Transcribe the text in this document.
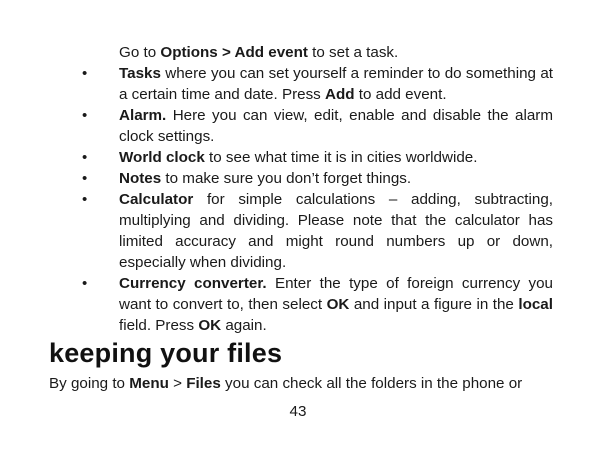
Go to Options > Add event to set a task.

•	Tasks where you can set yourself a reminder to do something at a certain time and date. Press Add to add event.
•	Alarm. Here you can view, edit, enable and disable the alarm clock settings.
•	World clock to see what time it is in cities worldwide.
•	Notes to make sure you don’t forget things.
•	Calculator for simple calculations – adding, subtracting, multiplying and dividing. Please note that the calculator has limited accuracy and might round numbers up or down, especially when dividing.
•	Currency converter. Enter the type of foreign currency you want to convert to, then select OK and input a figure in the local field. Press OK again.
keeping your files

By going to Menu > Files you can check all the folders in the phone or

43
